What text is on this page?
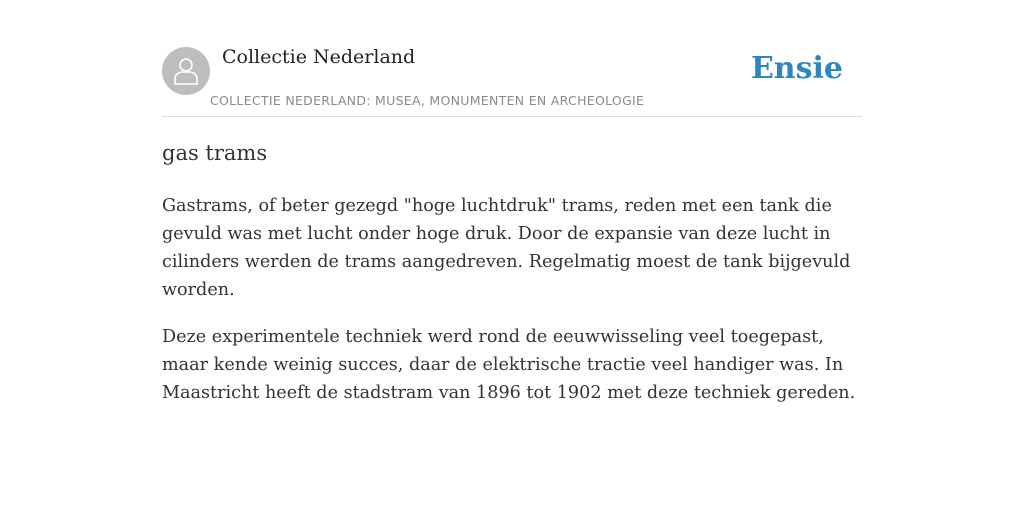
Collectie Nederland
COLLECTIE NEDERLAND: MUSEA, MONUMENTEN EN ARCHEOLOGIE
Ensie
gas trams

Gastrams, of beter gezegd "hoge luchtdruk" trams, reden met een tank die gevuld was met lucht onder hoge druk. Door de expansie van deze lucht in cilinders werden de trams aangedreven. Regelmatig moest de tank bijgevuld worden.

Deze experimentele techniek werd rond de eeuwwisseling veel toegepast, maar kende weinig succes, daar de elektrische tractie veel handiger was. In Maastricht heeft de stadstram van 1896 tot 1902 met deze techniek gereden.
